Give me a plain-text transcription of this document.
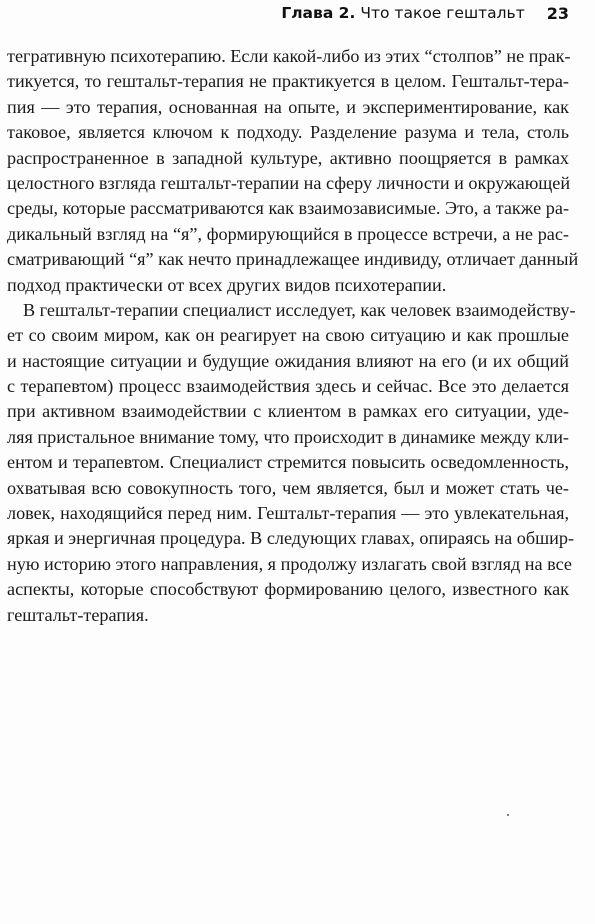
Глава 2. Что такое гештальт 23
тегративную психотерапию. Если какой-либо из этих “столпов” не прак-
тикуется, то гештальт-терапия не практикуется в целом. Гештальт-тера-
пия — это терапия, основанная на опыте, и экспериментирование, как
таковое, является ключом к подходу. Разделение разума и тела, столь
распространенное в западной культуре, активно поощряется в рамках
целостного взгляда гештальт-терапии на сферу личности и окружающей
среды, которые рассматриваются как взаимозависимые. Это, а также ра-
дикальный взгляд на “я”, формирующийся в процессе встречи, а не рас-
сматривающий “я” как нечто принадлежащее индивиду, отличает данный
подход практически от всех других видов психотерапии.
В гештальт-терапии специалист исследует, как человек взаимодейству-
ет со своим миром, как он реагирует на свою ситуацию и как прошлые
и настоящие ситуации и будущие ожидания влияют на его (и их общий
с терапевтом) процесс взаимодействия здесь и сейчас. Все это делается
при активном взаимодействии с клиентом в рамках его ситуации, уде-
ляя пристальное внимание тому, что происходит в динамике между кли-
ентом и терапевтом. Специалист стремится повысить осведомленность,
охватывая всю совокупность того, чем является, был и может стать че-
ловек, находящийся перед ним. Гештальт-терапия — это увлекательная,
яркая и энергичная процедура. В следующих главах, опираясь на обшир-
ную историю этого направления, я продолжу излагать свой взгляд на все
аспекты, которые способствуют формированию целого, известного как
гештальт-терапия.
